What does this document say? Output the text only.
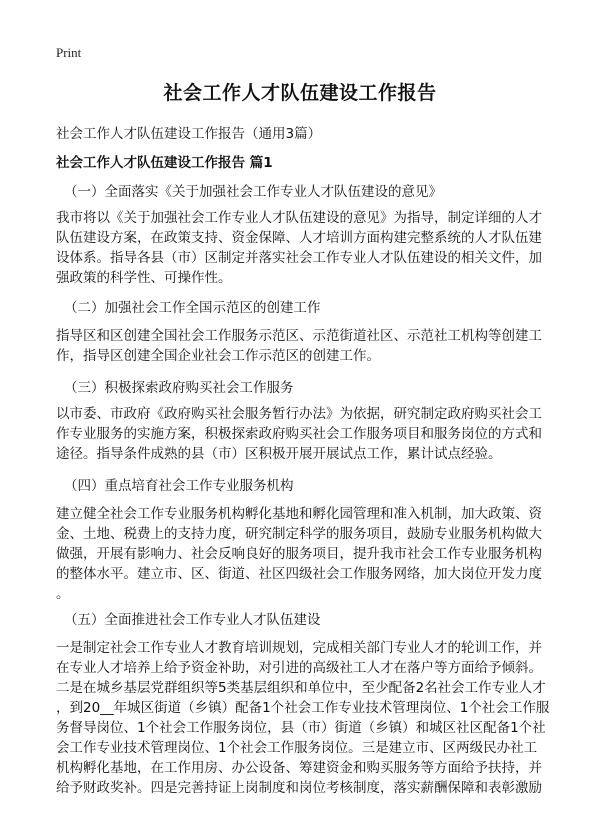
Print
社会工作人才队伍建设工作报告
社会工作人才队伍建设工作报告（通用3篇）
社会工作人才队伍建设工作报告 篇1
（一）全面落实《关于加强社会工作专业人才队伍建设的意见》
我市将以《关于加强社会工作专业人才队伍建设的意见》为指导，制定详细的人才
队伍建设方案，在政策支持、资金保障、人才培训方面构建完整系统的人才队伍建
设体系。指导各县（市）区制定并落实社会工作专业人才队伍建设的相关文件，加
强政策的科学性、可操作性。
（二）加强社会工作全国示范区的创建工作
指导区和区创建全国社会工作服务示范区、示范街道社区、示范社工机构等创建工
作，指导区创建全国企业社会工作示范区的创建工作。
（三）积极探索政府购买社会工作服务
以市委、市政府《政府购买社会服务暂行办法》为依据，研究制定政府购买社会工
作专业服务的实施方案，积极探索政府购买社会工作服务项目和服务岗位的方式和
途径。指导条件成熟的县（市）区积极开展开展试点工作，累计试点经验。
（四）重点培育社会工作专业服务机构
建立健全社会工作专业服务机构孵化基地和孵化园管理和准入机制，加大政策、资
金、土地、税费上的支持力度，研究制定科学的服务项目，鼓励专业服务机构做大
做强，开展有影响力、社会反响良好的服务项目，提升我市社会工作专业服务机构
的整体水平。建立市、区、街道、社区四级社会工作服务网络，加大岗位开发力度
。
（五）全面推进社会工作专业人才队伍建设
一是制定社会工作专业人才教育培训规划，完成相关部门专业人才的轮训工作，并
在专业人才培养上给予资金补助，对引进的高级社工人才在落户等方面给予倾斜。
二是在城乡基层党群组织等5类基层组织和单位中，至少配备2名社会工作专业人才
，到20__年城区街道（乡镇）配备1个社会工作专业技术管理岗位、1个社会工作服
务督导岗位、1个社会工作服务岗位，县（市）街道（乡镇）和城区社区配备1个社
会工作专业技术管理岗位、1个社会工作服务岗位。三是建立市、区两级民办社工
机构孵化基地，在工作用房、办公设备、筹建资金和购买服务等方面给予扶持，并
给予财政奖补。四是完善持证上岗制度和岗位考核制度，落实薪酬保障和表彰激励
